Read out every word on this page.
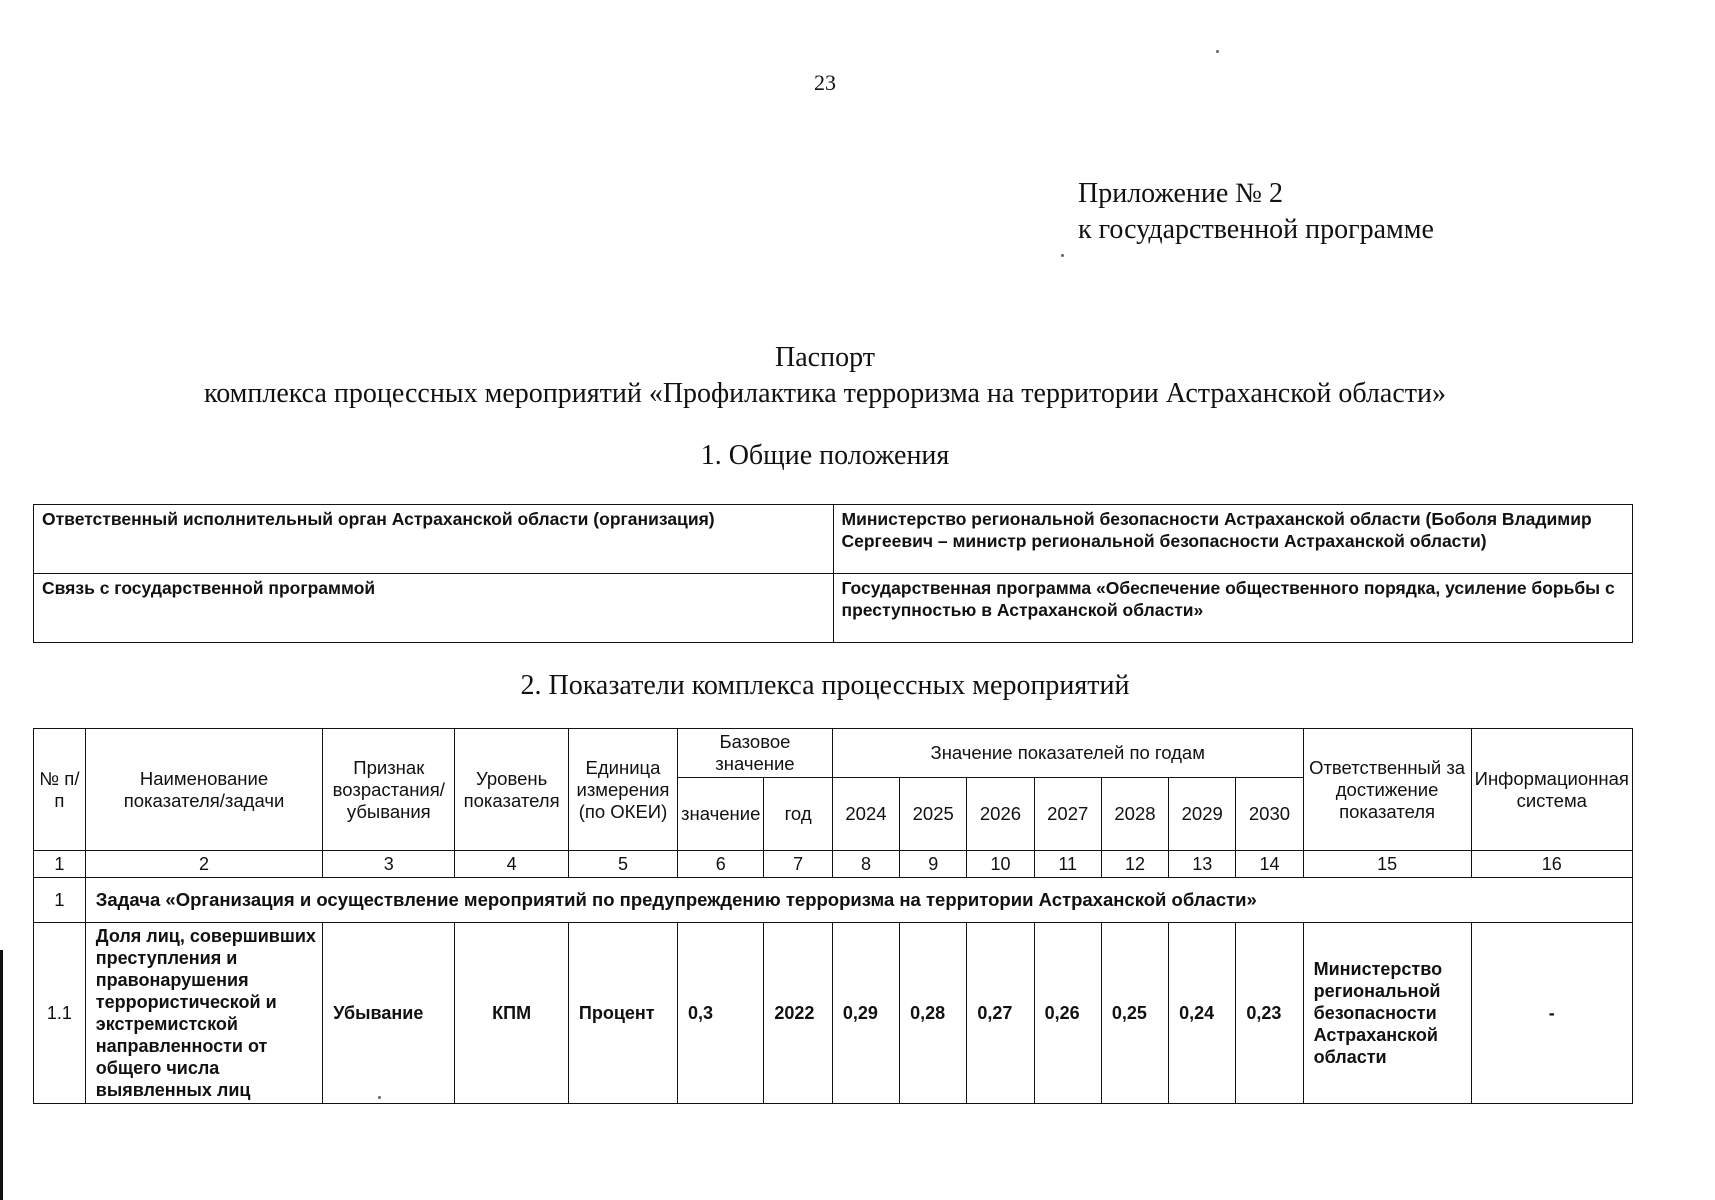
23
Приложение № 2
к государственной программе
Паспорт
комплекса процессных мероприятий «Профилактика терроризма на территории Астраханской области»
1. Общие положения
Ответственный исполнительный орган Астраханской области (организация)	Министерство региональной безопасности Астраханской области (Боболя Владимир Сергеевич – министр региональной безопасности Астраханской области)
Связь с государственной программой	Государственная программа «Обеспечение общественного порядка, усиление борьбы с преступностью в Астраханской области»
2. Показатели комплекса процессных мероприятий
№ п/п	Наименование показателя/задачи	Признак возрастания/ убывания	Уровень показателя	Единица измерения (по ОКЕИ)	Базовое значение		Значение показателей по годам							Ответственный за достижение показателя	Информационная система
					значение	год	2024	2025	2026	2027	2028	2029	2030		
1	2	3	4	5	6	7	8	9	10	11	12	13	14	15	16
1	Задача «Организация и осуществление мероприятий по предупреждению терроризма на территории Астраханской области»														
1.1	Доля лиц, совершивших преступления и правонарушения террористической и экстремистской направленности от общего числа выявленных лиц	Убывание	КПМ	Процент	0,3	2022	0,29	0,28	0,27	0,26	0,25	0,24	0,23	Министерство региональной безопасности Астраханской области	-
